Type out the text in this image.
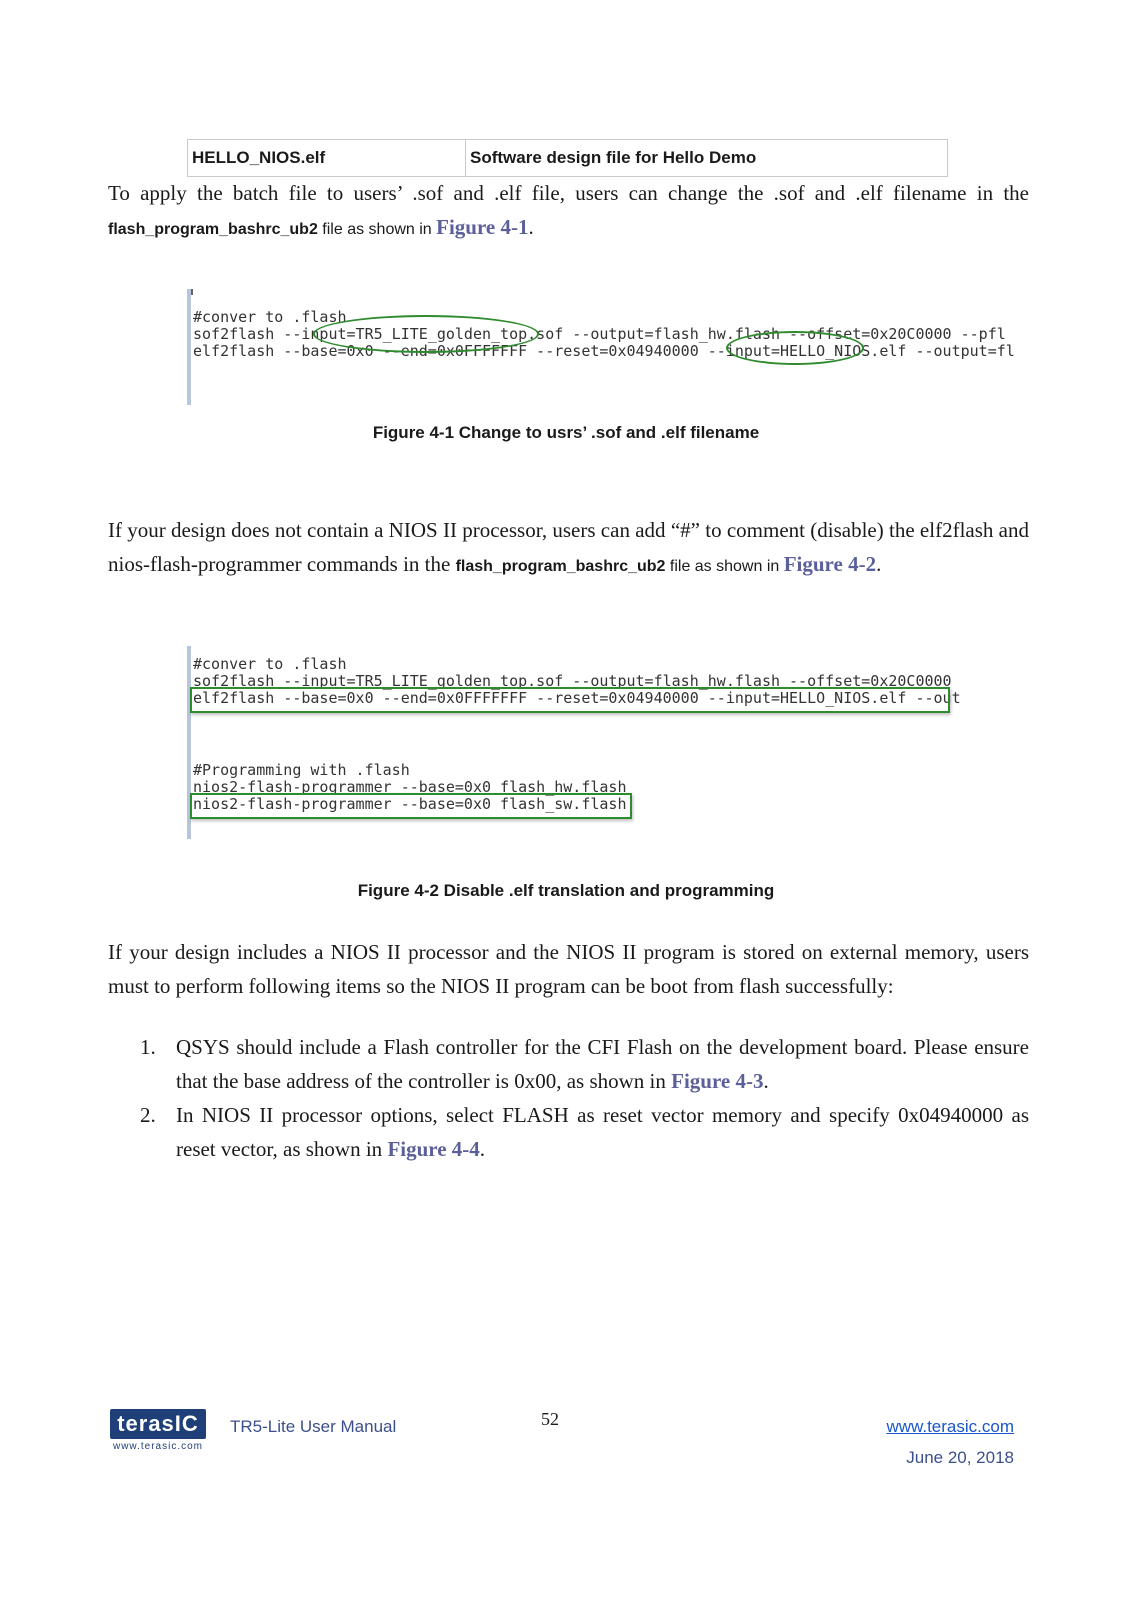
HELLO_NIOS.elf	Software design file for Hello Demo
To apply the batch file to users’ .sof and .elf file, users can change the .sof and .elf filename in the flash_program_bashrc_ub2 file as shown in Figure 4-1.
#conver to .flash
sof2flash --input=TR5_LITE_golden_top.sof --output=flash_hw.flash --offset=0x20C0000 --pfl
elf2flash --base=0x0 --end=0x0FFFFFFF --reset=0x04940000 --input=HELLO_NIOS.elf --output=fl
Figure 4-1 Change to usrs’ .sof and .elf filename
If your design does not contain a NIOS II processor, users can add “#” to comment (disable) the elf2flash and nios-flash-programmer commands in the flash_program_bashrc_ub2 file as shown in Figure 4-2.
#conver to .flash
sof2flash --input=TR5_LITE_golden_top.sof --output=flash_hw.flash --offset=0x20C0000
elf2flash --base=0x0 --end=0x0FFFFFFF --reset=0x04940000 --input=HELLO_NIOS.elf --out
#Programming with .flash
nios2-flash-programmer --base=0x0 flash_hw.flash
nios2-flash-programmer --base=0x0 flash_sw.flash
Figure 4-2 Disable .elf translation and programming
If your design includes a NIOS II processor and the NIOS II program is stored on external memory, users must to perform following items so the NIOS II program can be boot from flash successfully:
1. QSYS should include a Flash controller for the CFI Flash on the development board. Please ensure that the base address of the controller is 0x00, as shown in Figure 4-3.
2. In NIOS II processor options, select FLASH as reset vector memory and specify 0x04940000 as reset vector, as shown in Figure 4-4.
terasIC
www.terasic.com
TR5-Lite User Manual	52	www.terasic.com
June 20, 2018
